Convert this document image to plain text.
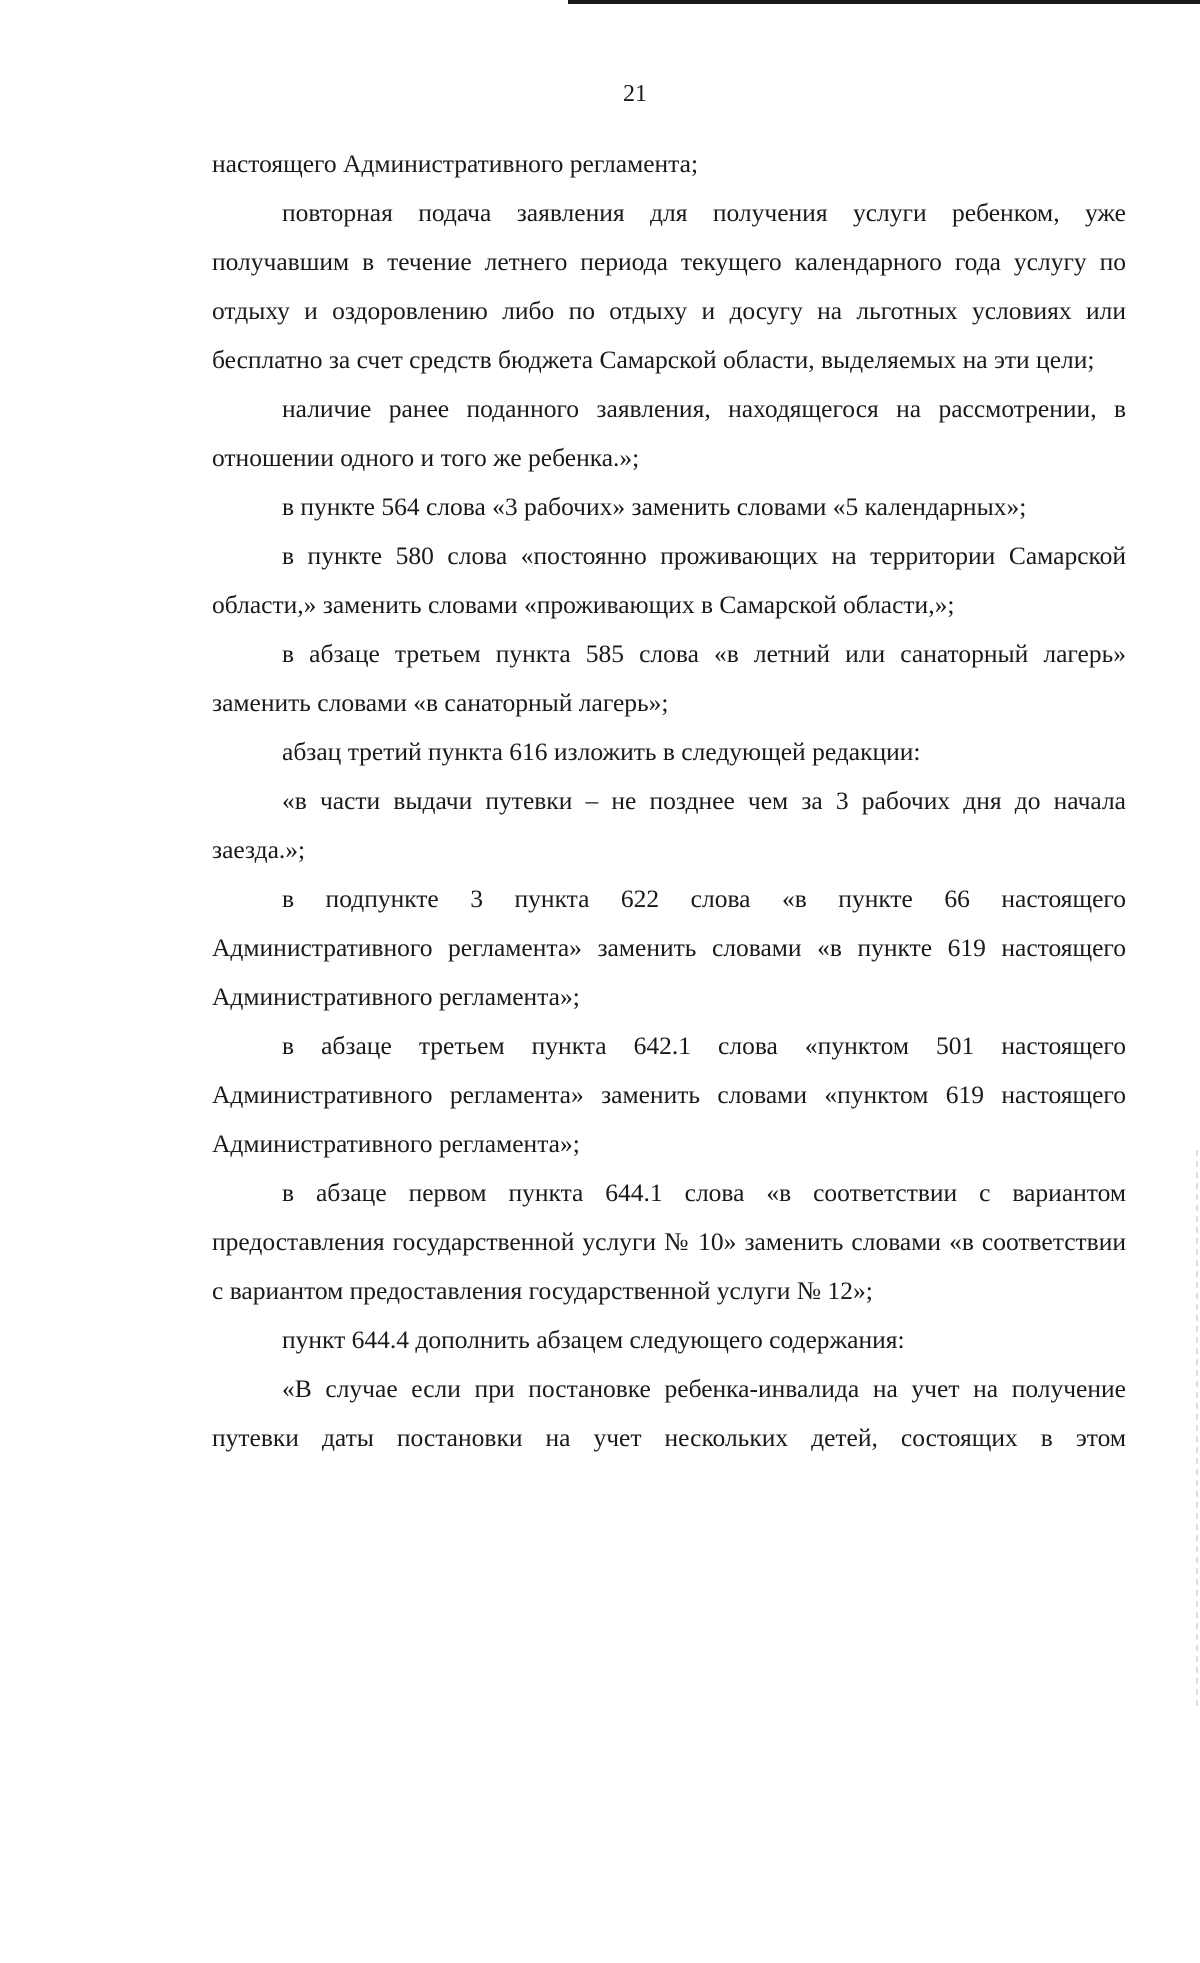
21

настоящего Административного регламента;

повторная подача заявления для получения услуги ребенком, уже получавшим в течение летнего периода текущего календарного года услугу по отдыху и оздоровлению либо по отдыху и досугу на льготных условиях или бесплатно за счет средств бюджета Самарской области, выделяемых на эти цели;

наличие ранее поданного заявления, находящегося на рассмотрении, в отношении одного и того же ребенка.»;

в пункте 564 слова «3 рабочих» заменить словами «5 календарных»;

в пункте 580 слова «постоянно проживающих на территории Самарской области,» заменить словами «проживающих в Самарской области,»;

в абзаце третьем пункта 585 слова «в летний или санаторный лагерь» заменить словами «в санаторный лагерь»;

абзац третий пункта 616 изложить в следующей редакции:

«в части выдачи путевки – не позднее чем за 3 рабочих дня до начала заезда.»;

в подпункте 3 пункта 622 слова «в пункте 66 настоящего Административного регламента» заменить словами «в пункте 619 настоящего Административного регламента»;

в абзаце третьем пункта 642.1 слова «пунктом 501 настоящего Административного регламента» заменить словами «пунктом 619 настоящего Административного регламента»;

в абзаце первом пункта 644.1 слова «в соответствии с вариантом предоставления государственной услуги № 10» заменить словами «в соответствии с вариантом предоставления государственной услуги № 12»;

пункт 644.4 дополнить абзацем следующего содержания:

«В случае если при постановке ребенка-инвалида на учет на получение путевки даты постановки на учет нескольких детей, состоящих в этом
